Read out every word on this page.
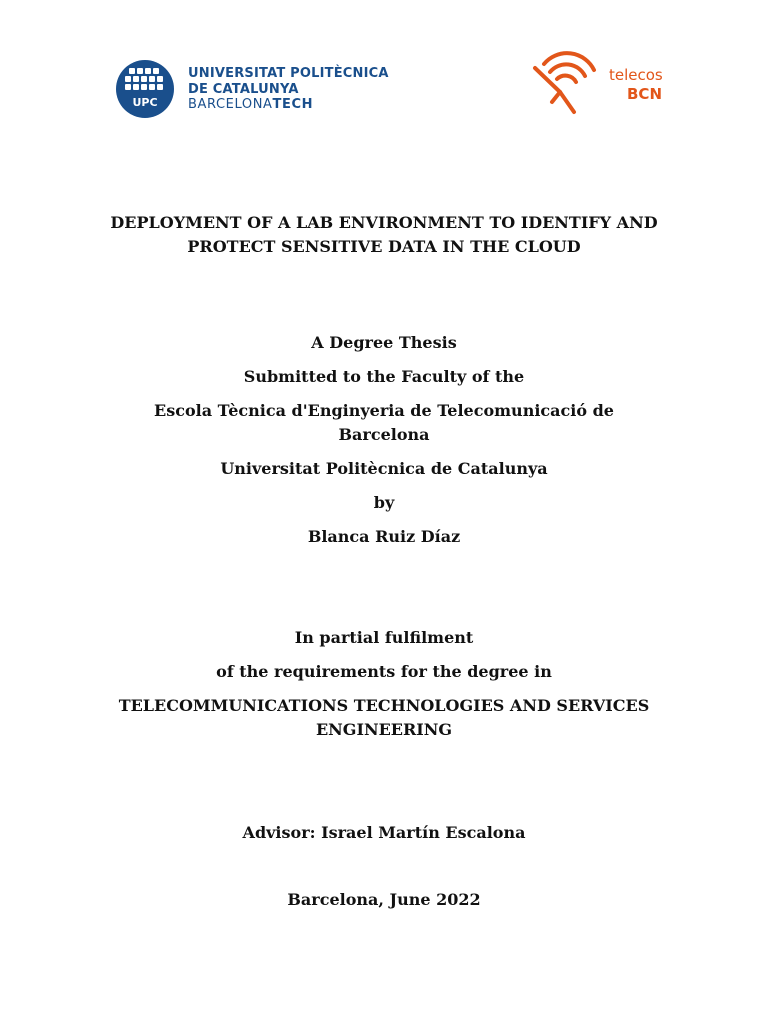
UPC
UNIVERSITAT POLITÈCNICA
DE CATALUNYA
BARCELONATECH
telecos
BCN
DEPLOYMENT OF A LAB ENVIRONMENT TO IDENTIFY AND
PROTECT SENSITIVE DATA IN THE CLOUD
A Degree Thesis
Submitted to the Faculty of the
Escola Tècnica d'Enginyeria de Telecomunicació de
Barcelona
Universitat Politècnica de Catalunya
by
Blanca Ruiz Díaz
In partial fulfilment
of the requirements for the degree in
TELECOMMUNICATIONS TECHNOLOGIES AND SERVICES
ENGINEERING
Advisor: Israel Martín Escalona
Barcelona, June 2022
